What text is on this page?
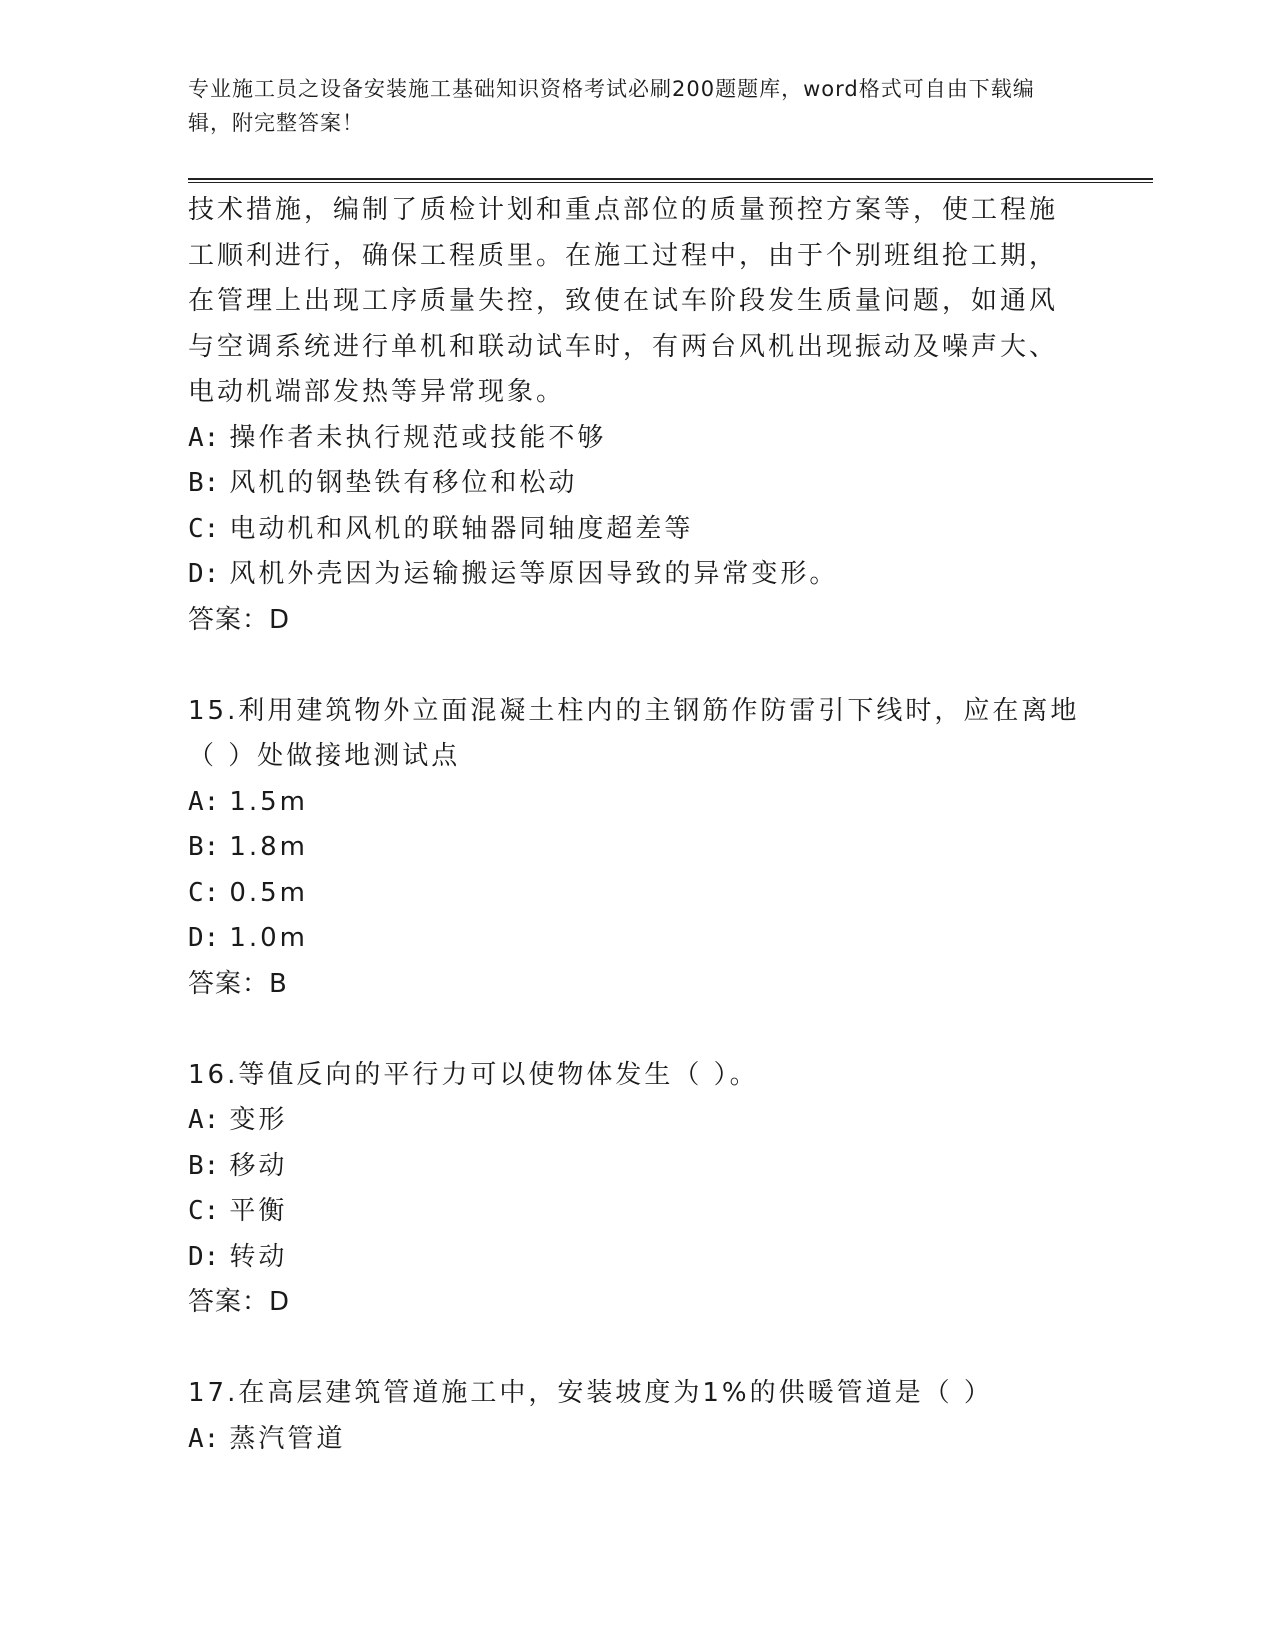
专业施工员之设备安装施工基础知识资格考试必刷200题题库，word格式可自由下载编辑，附完整答案！
技术措施，编制了质检计划和重点部位的质量预控方案等，使工程施
工顺利进行，确保工程质里。在施工过程中，由于个别班组抢工期，
在管理上出现工序质量失控，致使在试车阶段发生质量问题，如通风
与空调系统进行单机和联动试车时，有两台风机出现振动及噪声大、
电动机端部发热等异常现象。
A: 操作者未执行规范或技能不够
B: 风机的钢垫铁有移位和松动
C: 电动机和风机的联轴器同轴度超差等
D: 风机外壳因为运输搬运等原因导致的异常变形。
答案：D
15.利用建筑物外立面混凝土柱内的主钢筋作防雷引下线时，应在离地
（ ）处做接地测试点
A: 1.5m
B: 1.8m
C: 0.5m
D: 1.0m
答案：B
16.等值反向的平行力可以使物体发生（ ）。
A: 变形
B: 移动
C: 平衡
D: 转动
答案：D
17.在高层建筑管道施工中，安装坡度为1%的供暖管道是（ ）
A: 蒸汽管道
